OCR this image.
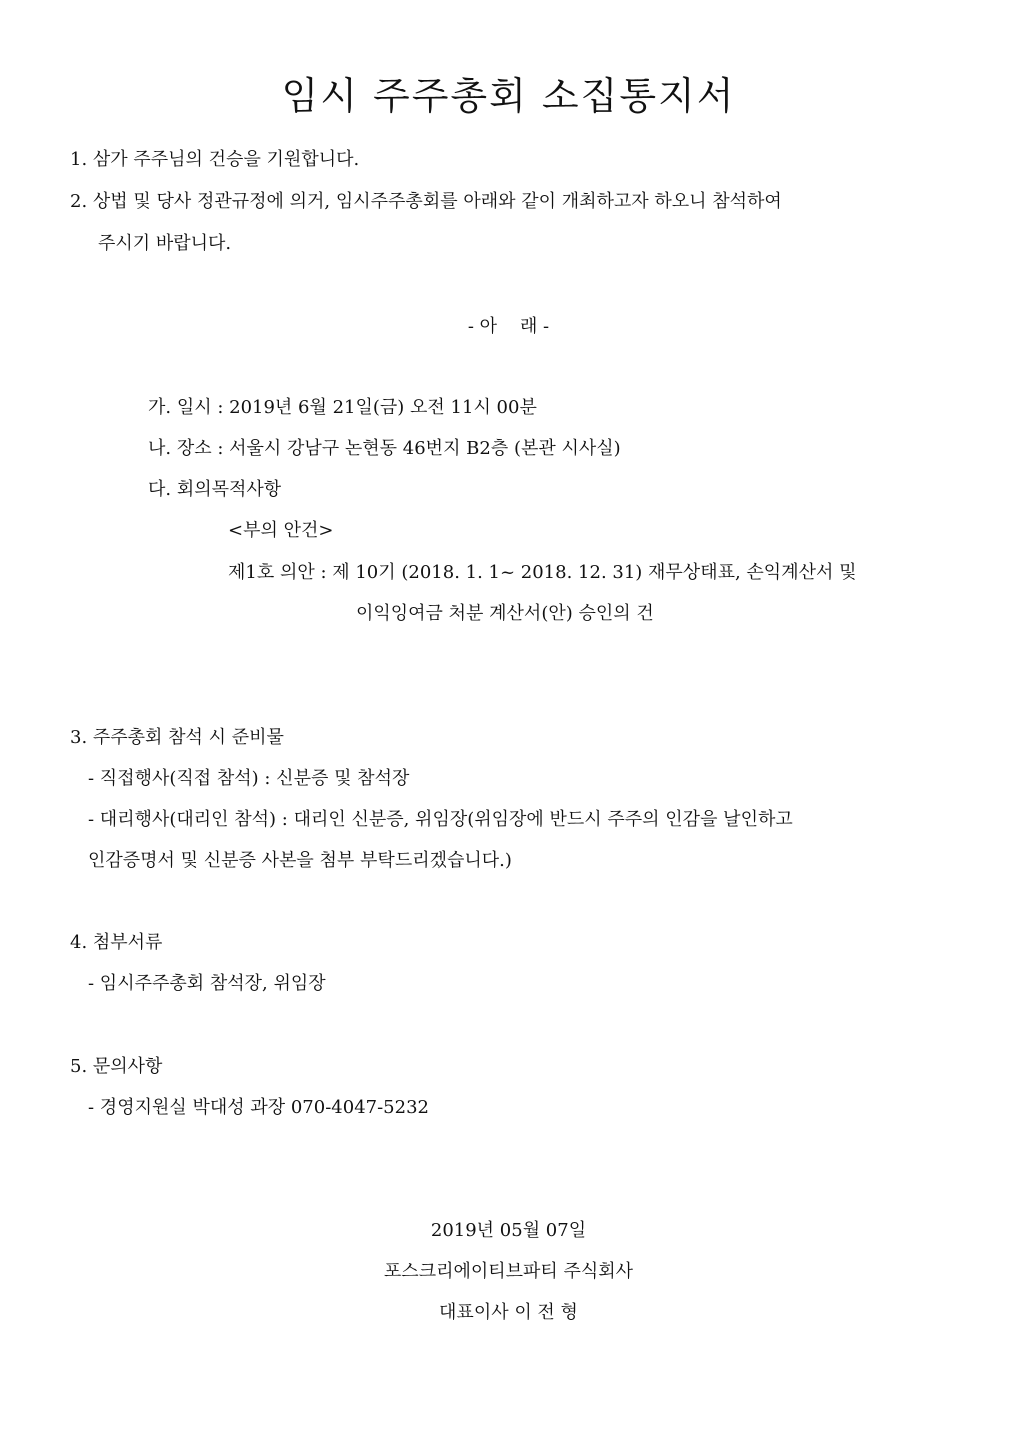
임시 주주총회 소집통지서
1. 삼가 주주님의 건승을 기원합니다.
2. 상법 및 당사 정관규정에 의거, 임시주주총회를 아래와 같이 개최하고자 하오니 참석하여
주시기 바랍니다.
- 아    래 -
가. 일시 : 2019년 6월 21일(금) 오전 11시 00분
나. 장소 : 서울시 강남구 논현동 46번지 B2층 (본관 시사실)
다. 회의목적사항
<부의 안건>
제1호 의안 : 제 10기 (2018. 1. 1~ 2018. 12. 31) 재무상태표, 손익계산서 및
이익잉여금 처분 계산서(안) 승인의 건
3. 주주총회 참석 시 준비물
- 직접행사(직접 참석) : 신분증 및 참석장
- 대리행사(대리인 참석) : 대리인 신분증, 위임장(위임장에 반드시 주주의 인감을 날인하고
인감증명서 및 신분증 사본을 첨부 부탁드리겠습니다.)
4. 첨부서류
- 임시주주총회 참석장, 위임장
5. 문의사항
- 경영지원실 박대성 과장 070-4047-5232
2019년 05월 07일
포스크리에이티브파티 주식회사
대표이사 이 전 형
